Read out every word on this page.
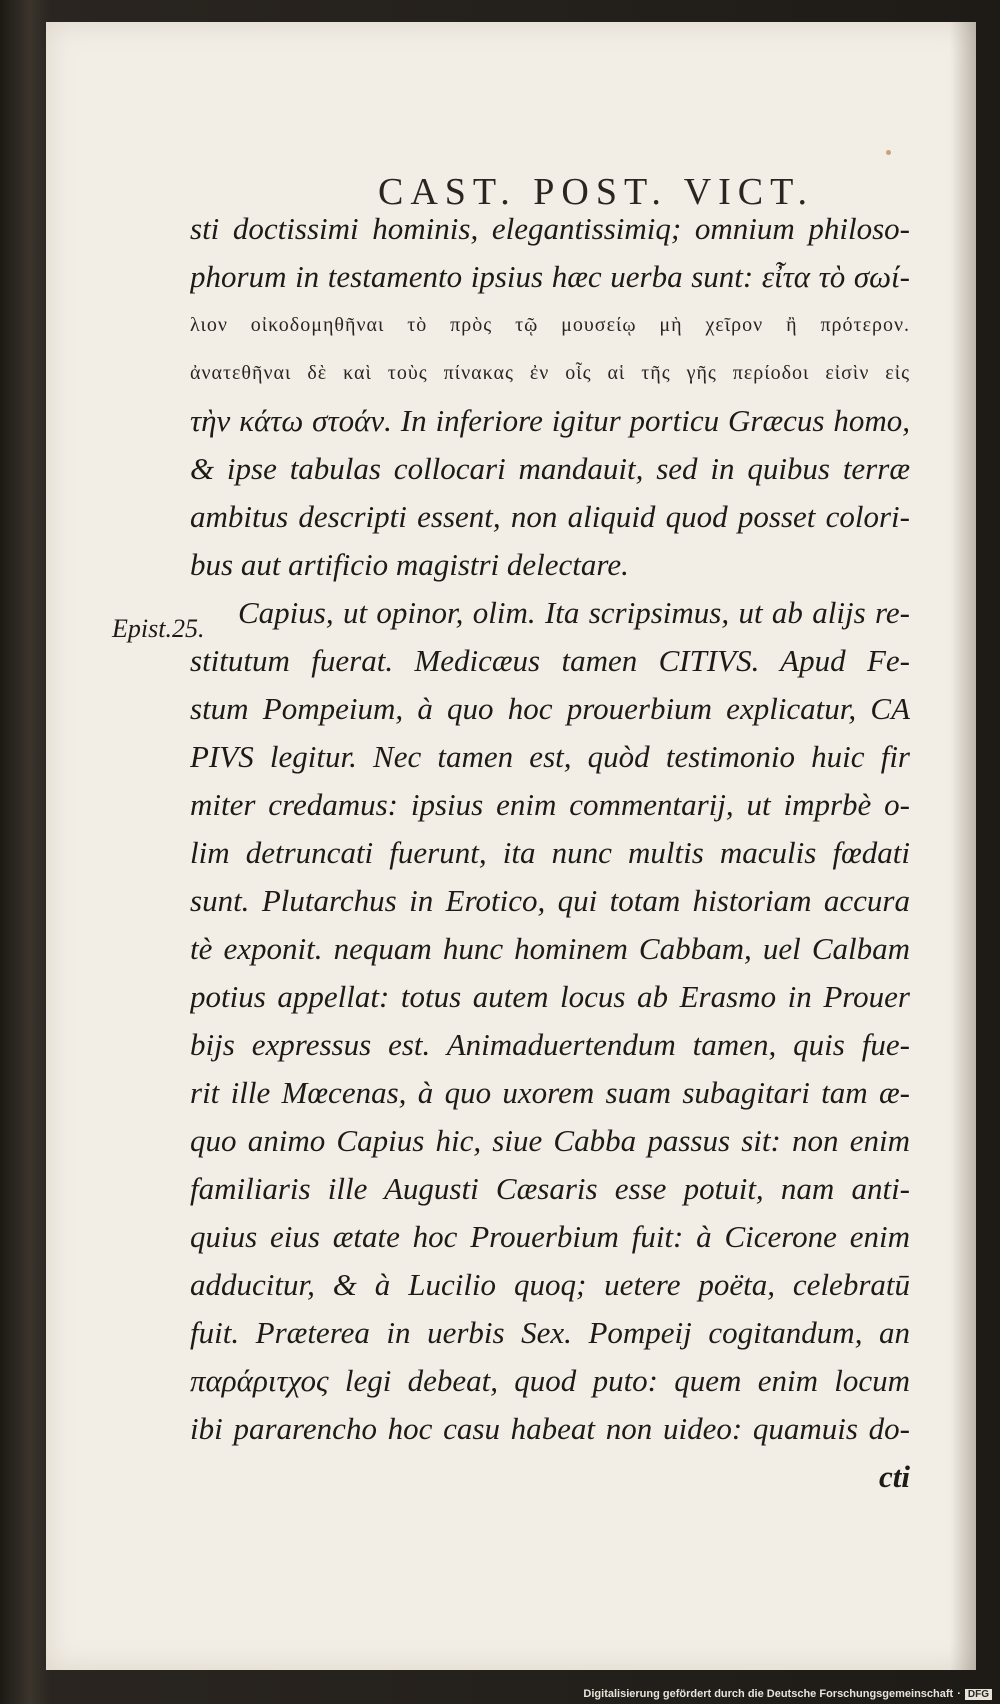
CAST. POST. VICT.
Epist.25.
sti doctissimi hominis, elegantissimiq; omnium philoso-
phorum in testamento ipsius hæc uerba sunt: εἶτα τὸ σωί-
λιον οἰκοδομηθῆναι τὸ πρὸς τῷ μουσείῳ μὴ χεῖρον ἢ πρότερον.
ἀνατεθῆναι δὲ καὶ τοὺς πίνακας ἐν οἷς αἱ τῆς γῆς περίοδοι εἰσὶν εἰς
τὴν κάτω στοάν. In inferiore igitur porticu Græcus homo,
& ipse tabulas collocari mandauit, sed in quibus terræ
ambitus descripti essent, non aliquid quod posset colori-
bus aut artificio magistri delectare.
Capius, ut opinor, olim. Ita scripsimus, ut ab alijs re-
stitutum fuerat. Medicæus tamen CITIVS. Apud Fe-
stum Pompeium, à quo hoc prouerbium explicatur, CA
PIVS legitur. Nec tamen est, quòd testimonio huic fir
miter credamus: ipsius enim commentarij, ut imprbè o-
lim detruncati fuerunt, ita nunc multis maculis fœdati
sunt. Plutarchus in Erotico, qui totam historiam accura
tè exponit. nequam hunc hominem Cabbam, uel Calbam
potius appellat: totus autem locus ab Erasmo in Prouer
bijs expressus est. Animaduertendum tamen, quis fue-
rit ille Mœcenas, à quo uxorem suam subagitari tam æ-
quo animo Capius hic, siue Cabba passus sit: non enim
familiaris ille Augusti Cæsaris esse potuit, nam anti-
quius eius ætate hoc Prouerbium fuit: à Cicerone enim
adducitur, & à Lucilio quoq; uetere poëta, celebratū
fuit. Præterea in uerbis Sex. Pompeij cogitandum, an
παράριτχος legi debeat, quod puto: quem enim locum
ibi pararencho hoc casu habeat non uideo: quamuis do-
cti
Digitalisierung gefördert durch die Deutsche Forschungsgemeinschaft · DFG
